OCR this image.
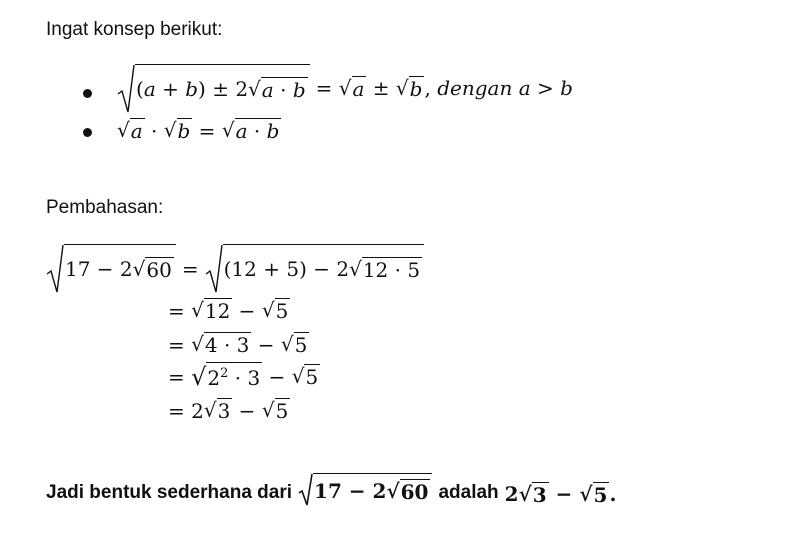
Ingat konsep berikut:
(a + b) ± 2 √ a · b = √ a ± √ b , dengan a > b
√ a · √ b = √ a · b
Pembahasan:
17 − 2 √ 60 = (12 + 5) − 2 √ 12 · 5
= √ 12 − √ 5
= √ 4 · 3 − √ 5
= √ $2^2 \cdot 3$ − √ 5
= 2 √ 3 − √ 5
Jadi bentuk sederhana dari 17 − 2 √ 60 adalah 2 √ 3 − √ 5 .
